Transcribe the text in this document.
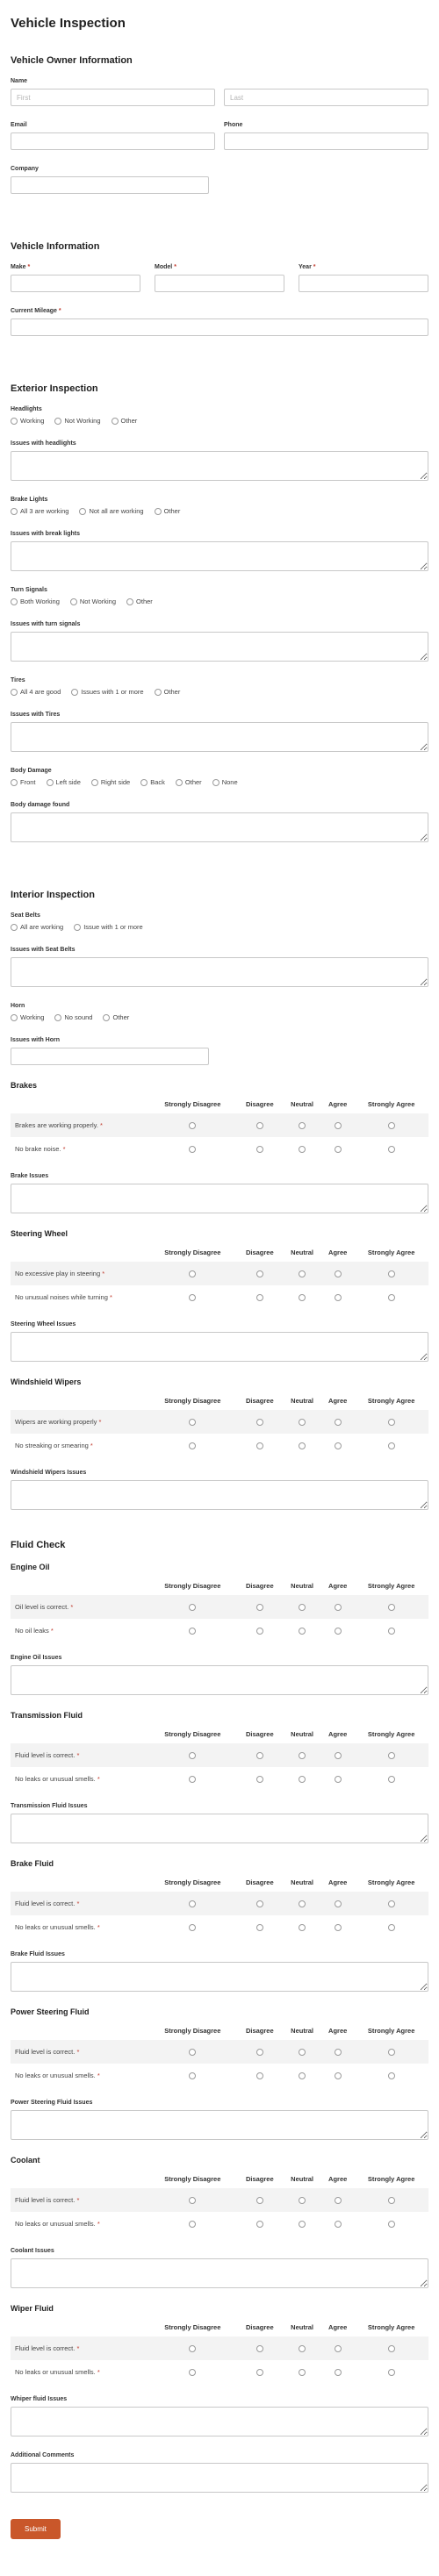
Vehicle Inspection
Vehicle Owner Information
Name
First
Last
Email	Phone
Company
Vehicle Information
Make *	Model *	Year *
Current Mileage *
Exterior Inspection
Headlights
Working	Not Working	Other
Issues with headlights
Brake Lights
All 3 are working	Not all are working	Other
Issues with break lights
Turn Signals
Both Working	Not Working	Other
Issues with turn signals
Tires
All 4 are good	Issues with 1 or more	Other
Issues with Tires
Body Damage
Front	Left side	Right side	Back	Other	None
Body damage found
Interior Inspection
Seat Belts
All are working	Issue with 1 or more
Issues with Seat Belts
Horn
Working	No sound	Other
Issues with Horn
Brakes
	Strongly Disagree	Disagree	Neutral	Agree	Strongly Agree
Brakes are working properly. *					
No brake noise. *					
Brake Issues
Steering Wheel
	Strongly Disagree	Disagree	Neutral	Agree	Strongly Agree
No excessive play in steering *					
No unusual noises while turning *					
Steering Wheel Issues
Windshield Wipers
	Strongly Disagree	Disagree	Neutral	Agree	Strongly Agree
Wipers are working properly *					
No streaking or smearing *					
Windshield Wipers Issues
Fluid Check
Engine Oil
	Strongly Disagree	Disagree	Neutral	Agree	Strongly Agree
Oil level is correct. *					
No oil leaks *					
Engine Oil Issues
Transmission Fluid
	Strongly Disagree	Disagree	Neutral	Agree	Strongly Agree
Fluid level is correct. *					
No leaks or unusual smells. *					
Transmission Fluid Issues
Brake Fluid
	Strongly Disagree	Disagree	Neutral	Agree	Strongly Agree
Fluid level is correct. *					
No leaks or unusual smells. *					
Brake Fluid Issues
Power Steering Fluid
	Strongly Disagree	Disagree	Neutral	Agree	Strongly Agree
Fluid level is correct. *					
No leaks or unusual smells. *					
Power Steering Fluid Issues
Coolant
	Strongly Disagree	Disagree	Neutral	Agree	Strongly Agree
Fluid level is correct. *					
No leaks or unusual smells. *					
Coolant Issues
Wiper Fluid
	Strongly Disagree	Disagree	Neutral	Agree	Strongly Agree
Fluid level is correct. *					
No leaks or unusual smells. *					
Whiper fluid Issues
Additional Comments
Submit
